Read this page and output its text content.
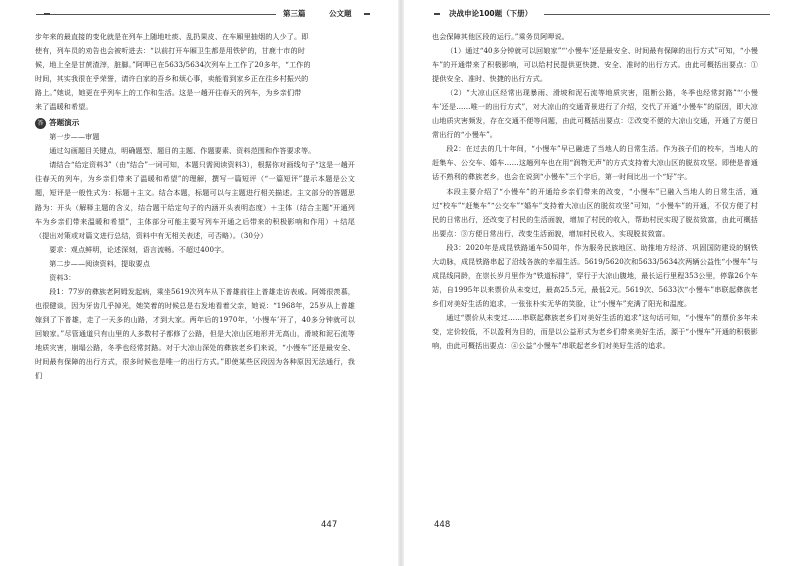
第三篇	公文题

步年来的最直接的变化就是在列车上随地吐痰、乱扔果皮、在车厢里抽烟的人少了。即

使有，列车员的劝告也会被听进去：“以前打开车厢卫生都是用铁铲的，甘鹿十市的时

候，地上全是甘蔗渣滓，脏脚。”阿呷已在5633/5634次列车上工作了20多年，“工作的

时间，其实我很在乎荣誉，请许白家的吾乡和烦心事，卖能看到家乡正在往乡村振兴的

路上。”她说，她更在乎列车上的工作和生活。这是一趟开往春天的列车，为乡亲们带

来了温暖和希望。

答 答题演示

第一步——审题

通过勾画题目关键点，明确题型、题目的主题、作题要素、资料范围和作答要求等。

请结合“给定资料3”（由“结合”一词可知，本题只需阅读资料3），根据你对画线句子“这是一趟开往春天的列车，为乡亲们带来了温暖和希望”的理解，撰写一篇短评（“一篇短评”提示本题是公文题，短评是一般性式为：标题＋主文。结合本题，标题可以与主题进行相关描述。主文部分的答题思路为：开头（解释主题的含义，结合题干给定句子的内涵开头表明态度）＋主体（结合主题“开通列车为乡亲们带来温暖和希望”，主体部分可能主要写列车开通之后带来的积极影响和作用）＋结尾（提出对策或对篇文进行总结，资料中有无相关表述，可否略）。（30分）

要求：观点鲜明，论述深刻，语言流畅。不超过400字。

第二步——阅读资料，提取要点

资料3：

段1：77岁的彝族老阿姆发起病，乘坐5619次列车从下普雄前往上普雄走访表戚。阿姆很羡慕，也很健谈，因为牙齿几乎掉光，她笑着的时候总是右发地看着父亲，她说：“1968年，25岁从上普雄嫁到了下普雄，走了一天多的山路，才到大家。两年后的1970年，‘小慢车’开了，40多分钟就可以回娘家。”尽管通道只有山里的人多数村子都修了公路，但是大凉山区地形并无高山，滑坡和泥石流等地质灾害，崩塌公路，冬季也经常封路。对于大凉山深处的彝族老乡们来说，“小慢车”还是最安全、时间最有保障的出行方式，很多时候也是唯一的出行方式。”即使某些区段因为各种原因无法通行，我们

447
决战申论100题（下册）

也会保障其他区段的运行。”乘务员阿呷说。

（1）通过“40多分钟就可以回娘家”“‘小慢车’还是最安全、时间最有保障的出行方式”可知，“小慢车”的开通带来了积极影响，可以给村民提供更快捷、安全、准时的出行方式。由此可概括出要点：①提供安全、准时、快捷的出行方式。

（2）“大凉山区经常出现暴雨、滑坡和泥石流等地质灾害，阻断公路，冬季也经常封路”“‘小慢车’还是……唯一的出行方式”，对大凉山的交通背景进行了介绍，交代了开通“小慢车”的原因，即大凉山地质灾害频发，存在交通不便等问题，由此可概括出要点：②改变不便的大凉山交通，开通了方便日常出行的“小慢车”。

段2：在过去的几十年间，“小慢车”早已融进了当地人的日常生活。作为孩子们的校车，当地人的赶集车、公交车、婚车……这趟列车也在用“润物无声”的方式支持着大凉山区的脱贫攻坚。即使是普通话不熟利的彝族老乡，也会在说到“小慢车”三个字后，第一时间比出一个“好”字。

本段主要介绍了“小慢车”的开通给乡亲们带来的改变，“小慢车”已融入当地人的日常生活，通过“校车”“赶集车”“公交车”“婚车”支持着大凉山区的脱贫攻坚”可知，“小慢车”的开通，不仅方便了村民的日常出行，还改变了村民的生活面貌，增加了村民的收入，帮助村民实现了脱贫致富，由此可概括出要点：③方便日常出行，改变生活面貌，增加村民收入，实现脱贫致富。

段3：2020年是成昆铁路通车50周年，作为服务民族地区、助推地方经济、巩固国防建设的钢铁大动脉，成昆铁路串起了沿线各族的幸福生活。5619/5620次和5633/5634次两辆公益性“小慢车”与成昆线同龄，在崇长岁月里作为“铁道标排”，穿行于大凉山腹地，最长运行里程353公里，停靠26个车站，自1995年以来票价从未变过，最高25.5元，最低2元。5619次、5633次“小慢车”串联起彝族老乡们对美好生活的追求，一张张朴实无华的笑脸，让“小慢车”充满了阳光和温度。

通过“票价从未变过……串联起彝族老乡们对美好生活的追求”这句话可知，“小慢车”的票价多年未变，定价较低，不以盈利为目的，而是以公益形式为老乡们带来美好生活，源于“小慢车”开通的积极影响，由此可概括出要点：④公益“小慢车”串联起老乡们对美好生活的追求。

448
